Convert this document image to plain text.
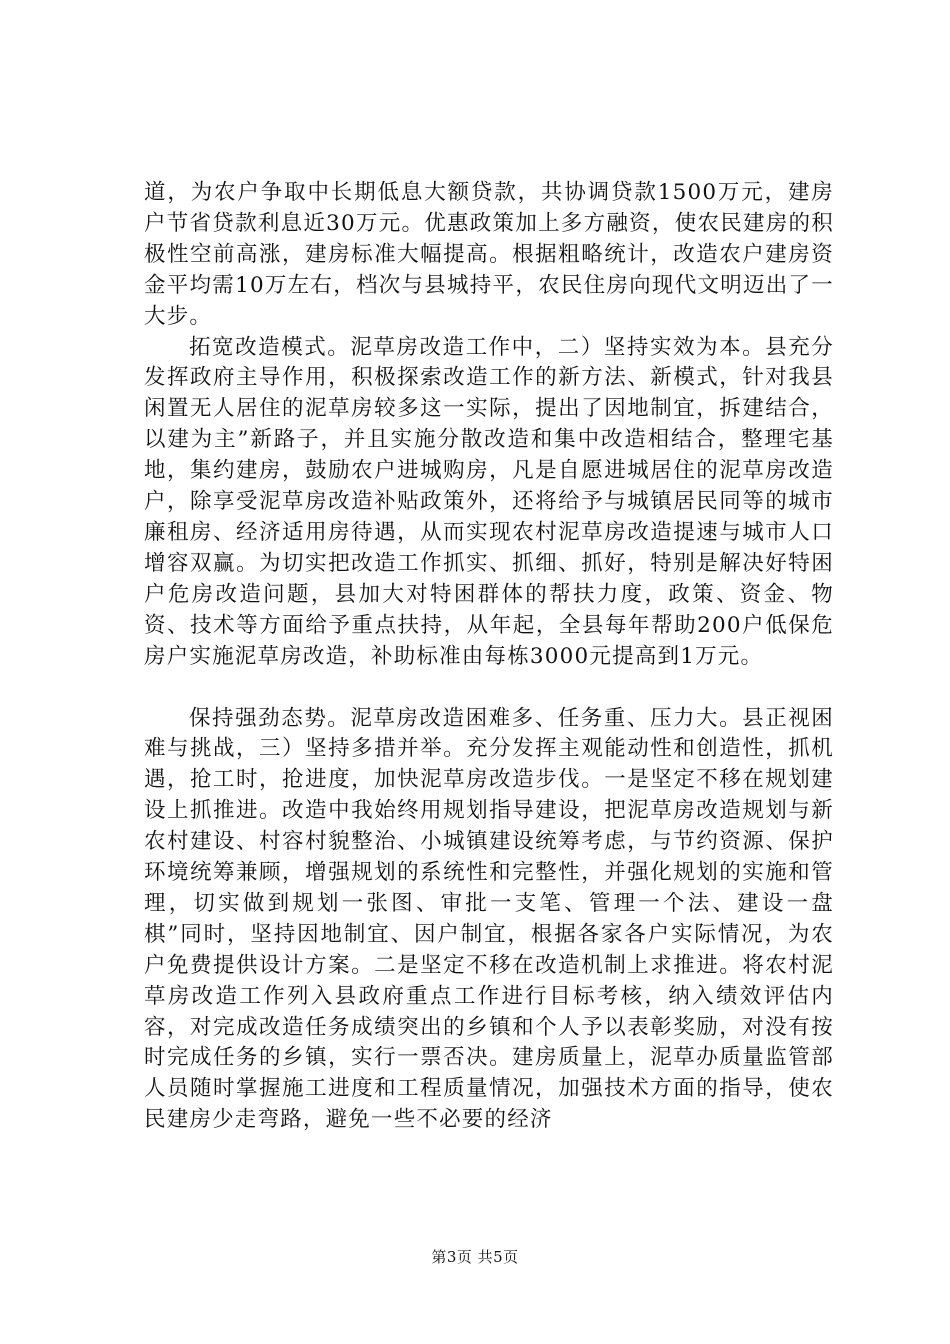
道，为农户争取中长期低息大额贷款，共协调贷款1500万元，建房户节省贷款利息近30万元。优惠政策加上多方融资，使农民建房的积极性空前高涨，建房标准大幅提高。根据粗略统计，改造农户建房资金平均需10万左右，档次与县城持平，农民住房向现代文明迈出了一大步。

拓宽改造模式。泥草房改造工作中，二）坚持实效为本。县充分发挥政府主导作用，积极探索改造工作的新方法、新模式，针对我县闲置无人居住的泥草房较多这一实际，提出了因地制宜，拆建结合，以建为主”新路子，并且实施分散改造和集中改造相结合，整理宅基地，集约建房，鼓励农户进城购房，凡是自愿进城居住的泥草房改造户，除享受泥草房改造补贴政策外，还将给予与城镇居民同等的城市廉租房、经济适用房待遇，从而实现农村泥草房改造提速与城市人口增容双赢。为切实把改造工作抓实、抓细、抓好，特别是解决好特困户危房改造问题，县加大对特困群体的帮扶力度，政策、资金、物资、技术等方面给予重点扶持，从年起，全县每年帮助200户低保危房户实施泥草房改造，补助标准由每栋3000元提高到1万元。

保持强劲态势。泥草房改造困难多、任务重、压力大。县正视困难与挑战，三）坚持多措并举。充分发挥主观能动性和创造性，抓机遇，抢工时，抢进度，加快泥草房改造步伐。一是坚定不移在规划建设上抓推进。改造中我始终用规划指导建设，把泥草房改造规划与新农村建设、村容村貌整治、小城镇建设统筹考虑，与节约资源、保护环境统筹兼顾，增强规划的系统性和完整性，并强化规划的实施和管理，切实做到规划一张图、审批一支笔、管理一个法、建设一盘棋”同时，坚持因地制宜、因户制宜，根据各家各户实际情况，为农户免费提供设计方案。二是坚定不移在改造机制上求推进。将农村泥草房改造工作列入县政府重点工作进行目标考核，纳入绩效评估内容，对完成改造任务成绩突出的乡镇和个人予以表彰奖励，对没有按时完成任务的乡镇，实行一票否决。建房质量上，泥草办质量监管部人员随时掌握施工进度和工程质量情况，加强技术方面的指导，使农民建房少走弯路，避免一些不必要的经济

第3页 共5页
